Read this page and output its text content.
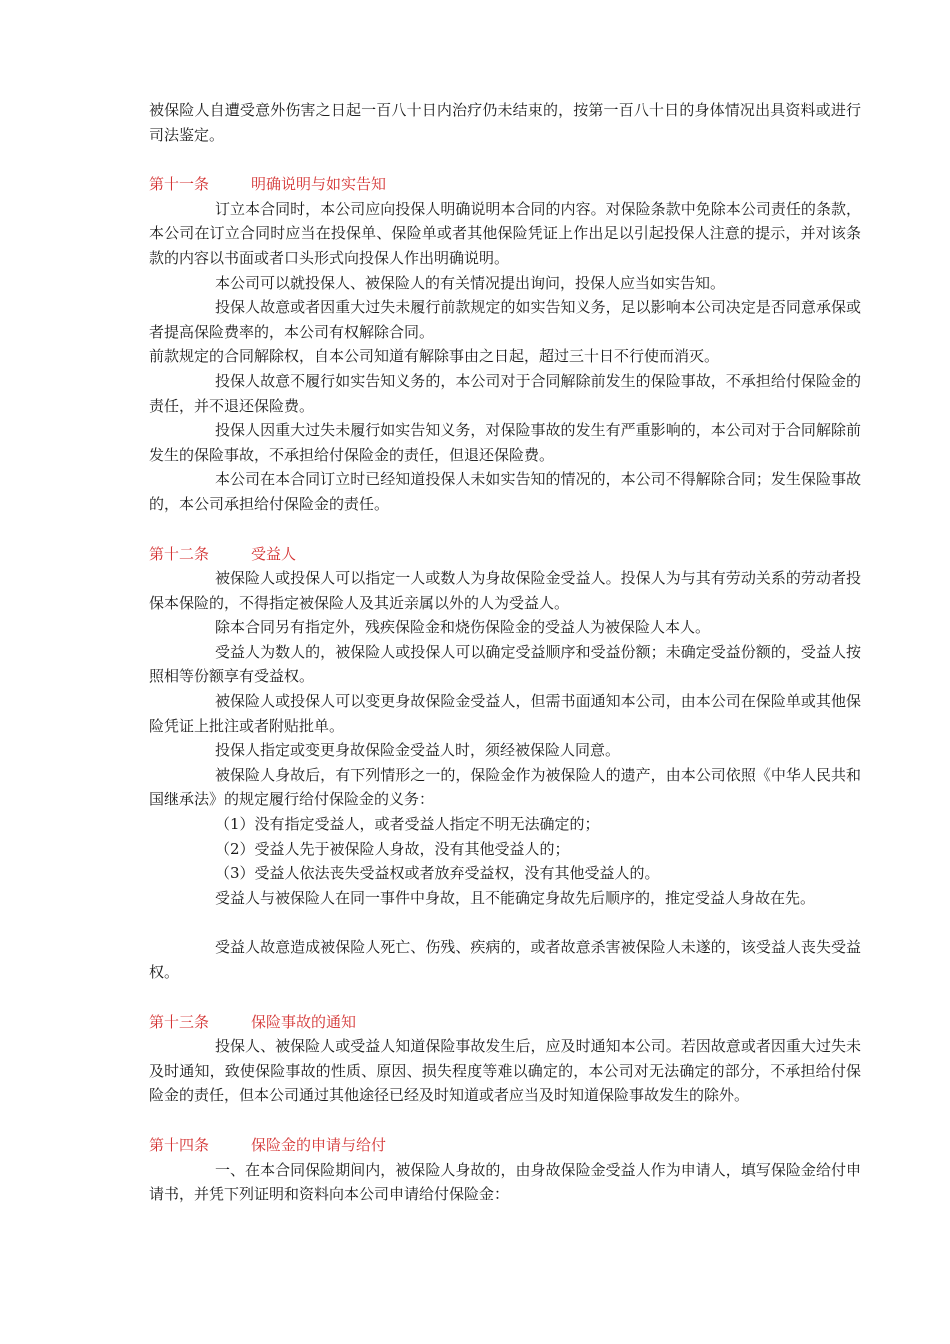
被保险人自遭受意外伤害之日起一百八十日内治疗仍未结束的，按第一百八十日的身体情况出具资料或进行司法鉴定。

第十一条	明确说明与如实告知

订立本合同时，本公司应向投保人明确说明本合同的内容。对保险条款中免除本公司责任的条款，本公司在订立合同时应当在投保单、保险单或者其他保险凭证上作出足以引起投保人注意的提示，并对该条款的内容以书面或者口头形式向投保人作出明确说明。

本公司可以就投保人、被保险人的有关情况提出询问，投保人应当如实告知。

投保人故意或者因重大过失未履行前款规定的如实告知义务，足以影响本公司决定是否同意承保或者提高保险费率的，本公司有权解除合同。

前款规定的合同解除权，自本公司知道有解除事由之日起，超过三十日不行使而消灭。

投保人故意不履行如实告知义务的，本公司对于合同解除前发生的保险事故，不承担给付保险金的责任，并不退还保险费。

投保人因重大过失未履行如实告知义务，对保险事故的发生有严重影响的，本公司对于合同解除前发生的保险事故，不承担给付保险金的责任，但退还保险费。

本公司在本合同订立时已经知道投保人未如实告知的情况的，本公司不得解除合同；发生保险事故的，本公司承担给付保险金的责任。

第十二条	受益人

被保险人或投保人可以指定一人或数人为身故保险金受益人。投保人为与其有劳动关系的劳动者投保本保险的，不得指定被保险人及其近亲属以外的人为受益人。

除本合同另有指定外，残疾保险金和烧伤保险金的受益人为被保险人本人。

受益人为数人的，被保险人或投保人可以确定受益顺序和受益份额；未确定受益份额的，受益人按照相等份额享有受益权。

被保险人或投保人可以变更身故保险金受益人，但需书面通知本公司，由本公司在保险单或其他保险凭证上批注或者附贴批单。

投保人指定或变更身故保险金受益人时，须经被保险人同意。

被保险人身故后，有下列情形之一的，保险金作为被保险人的遗产，由本公司依照《中华人民共和国继承法》的规定履行给付保险金的义务：

（1）没有指定受益人，或者受益人指定不明无法确定的；

（2）受益人先于被保险人身故，没有其他受益人的；

（3）受益人依法丧失受益权或者放弃受益权，没有其他受益人的。

受益人与被保险人在同一事件中身故，且不能确定身故先后顺序的，推定受益人身故在先。

受益人故意造成被保险人死亡、伤残、疾病的，或者故意杀害被保险人未遂的，该受益人丧失受益权。

第十三条	保险事故的通知

投保人、被保险人或受益人知道保险事故发生后，应及时通知本公司。若因故意或者因重大过失未及时通知，致使保险事故的性质、原因、损失程度等难以确定的，本公司对无法确定的部分，不承担给付保险金的责任，但本公司通过其他途径已经及时知道或者应当及时知道保险事故发生的除外。

第十四条	保险金的申请与给付

一、在本合同保险期间内，被保险人身故的，由身故保险金受益人作为申请人，填写保险金给付申请书，并凭下列证明和资料向本公司申请给付保险金：
